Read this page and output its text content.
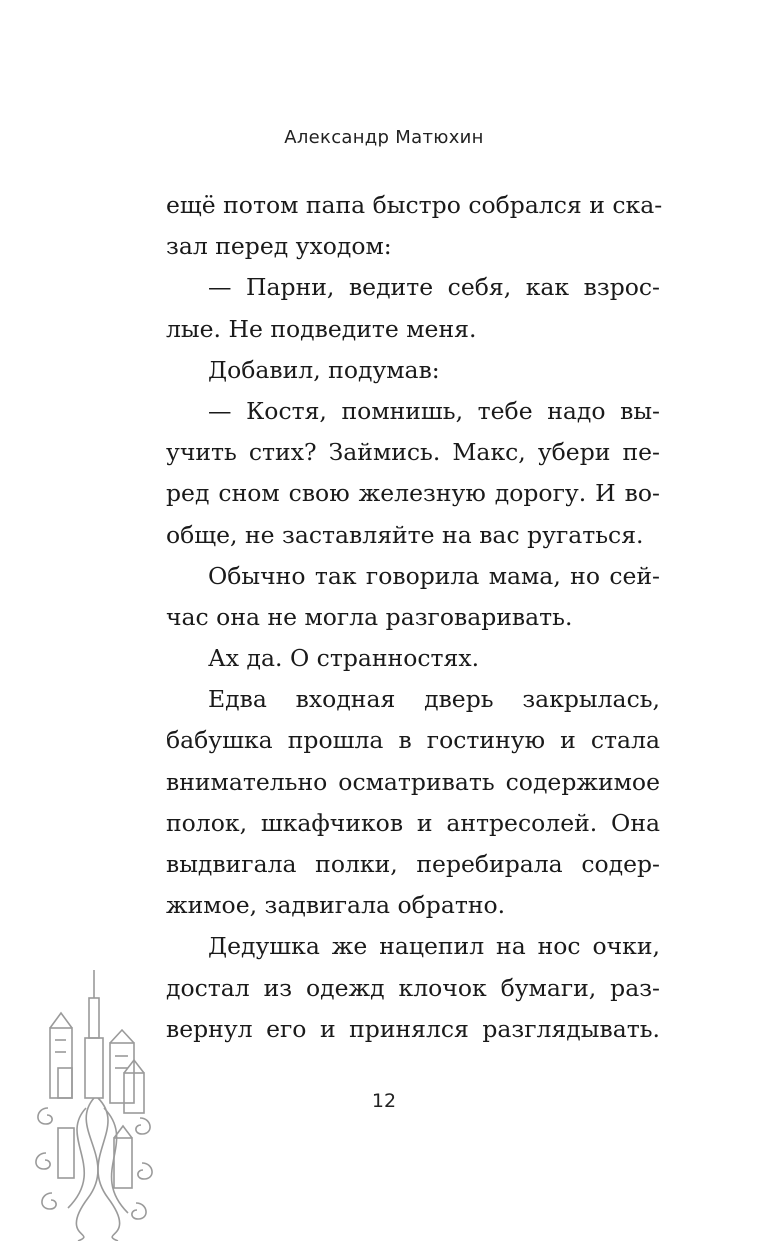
Александр Матюхин
ещё потом папа быстро собрался и ска-
зал перед уходом:
— Парни, ведите себя, как взрос-
лые. Не подведите меня.
Добавил, подумав:
— Костя, помнишь, тебе надо вы-
учить стих? Займись. Макс, убери пе-
ред сном свою железную дорогу. И во-
обще, не заставляйте на вас ругаться.
Обычно так говорила мама, но сей-
час она не могла разговаривать.
Ах да. О странностях.
Едва входная дверь закрылась,
бабушка прошла в гостиную и стала
внимательно осматривать содержимое
полок, шкафчиков и антресолей. Она
выдвигала полки, перебирала содер-
жимое, задвигала обратно.
Дедушка же нацепил на нос очки,
достал из одежд клочок бумаги, раз-
вернул его и принялся разглядывать.
12
